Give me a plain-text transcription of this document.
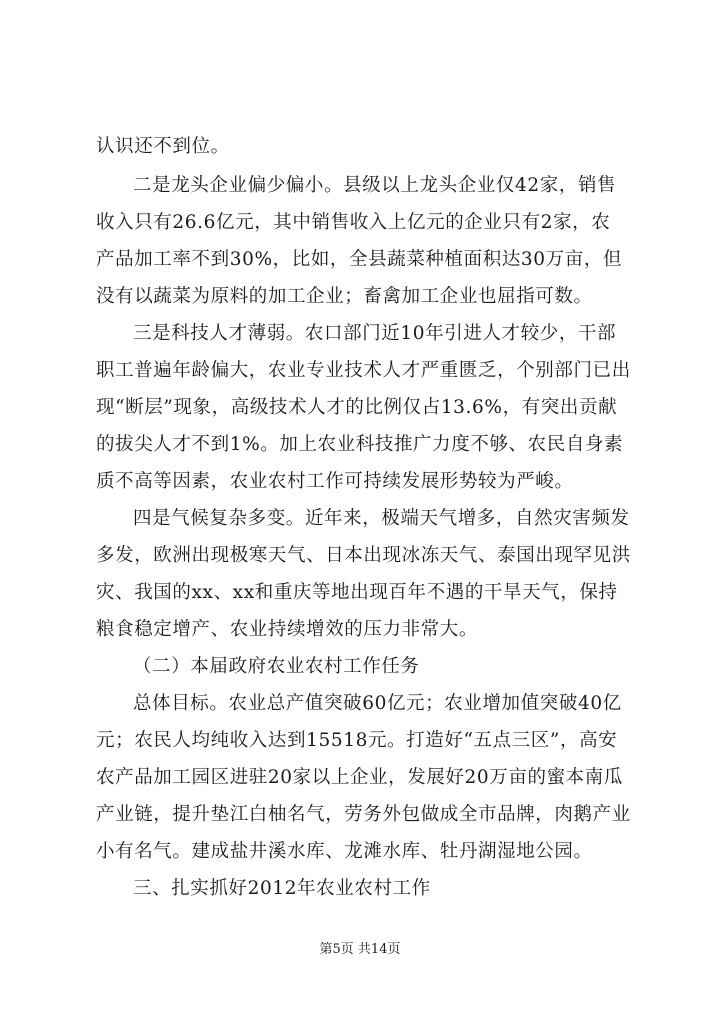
认识还不到位。
二是龙头企业偏少偏小。县级以上龙头企业仅42家，销售
收入只有26.6亿元，其中销售收入上亿元的企业只有2家，农
产品加工率不到30%，比如，全县蔬菜种植面积达30万亩，但
没有以蔬菜为原料的加工企业；畜禽加工企业也屈指可数。
三是科技人才薄弱。农口部门近10年引进人才较少，干部
职工普遍年龄偏大，农业专业技术人才严重匮乏，个别部门已出
现“断层”现象，高级技术人才的比例仅占13.6%，有突出贡献
的拔尖人才不到1%。加上农业科技推广力度不够、农民自身素
质不高等因素，农业农村工作可持续发展形势较为严峻。
四是气候复杂多变。近年来，极端天气增多，自然灾害频发
多发，欧洲出现极寒天气、日本出现冰冻天气、泰国出现罕见洪
灾、我国的xx、xx和重庆等地出现百年不遇的干旱天气，保持
粮食稳定增产、农业持续增效的压力非常大。
（二）本届政府农业农村工作任务
总体目标。农业总产值突破60亿元；农业增加值突破40亿
元；农民人均纯收入达到15518元。打造好“五点三区”，高安
农产品加工园区进驻20家以上企业，发展好20万亩的蜜本南瓜
产业链，提升垫江白柚名气，劳务外包做成全市品牌，肉鹅产业
小有名气。建成盐井溪水库、龙滩水库、牡丹湖湿地公园。
三、扎实抓好2012年农业农村工作
第5页 共14页
